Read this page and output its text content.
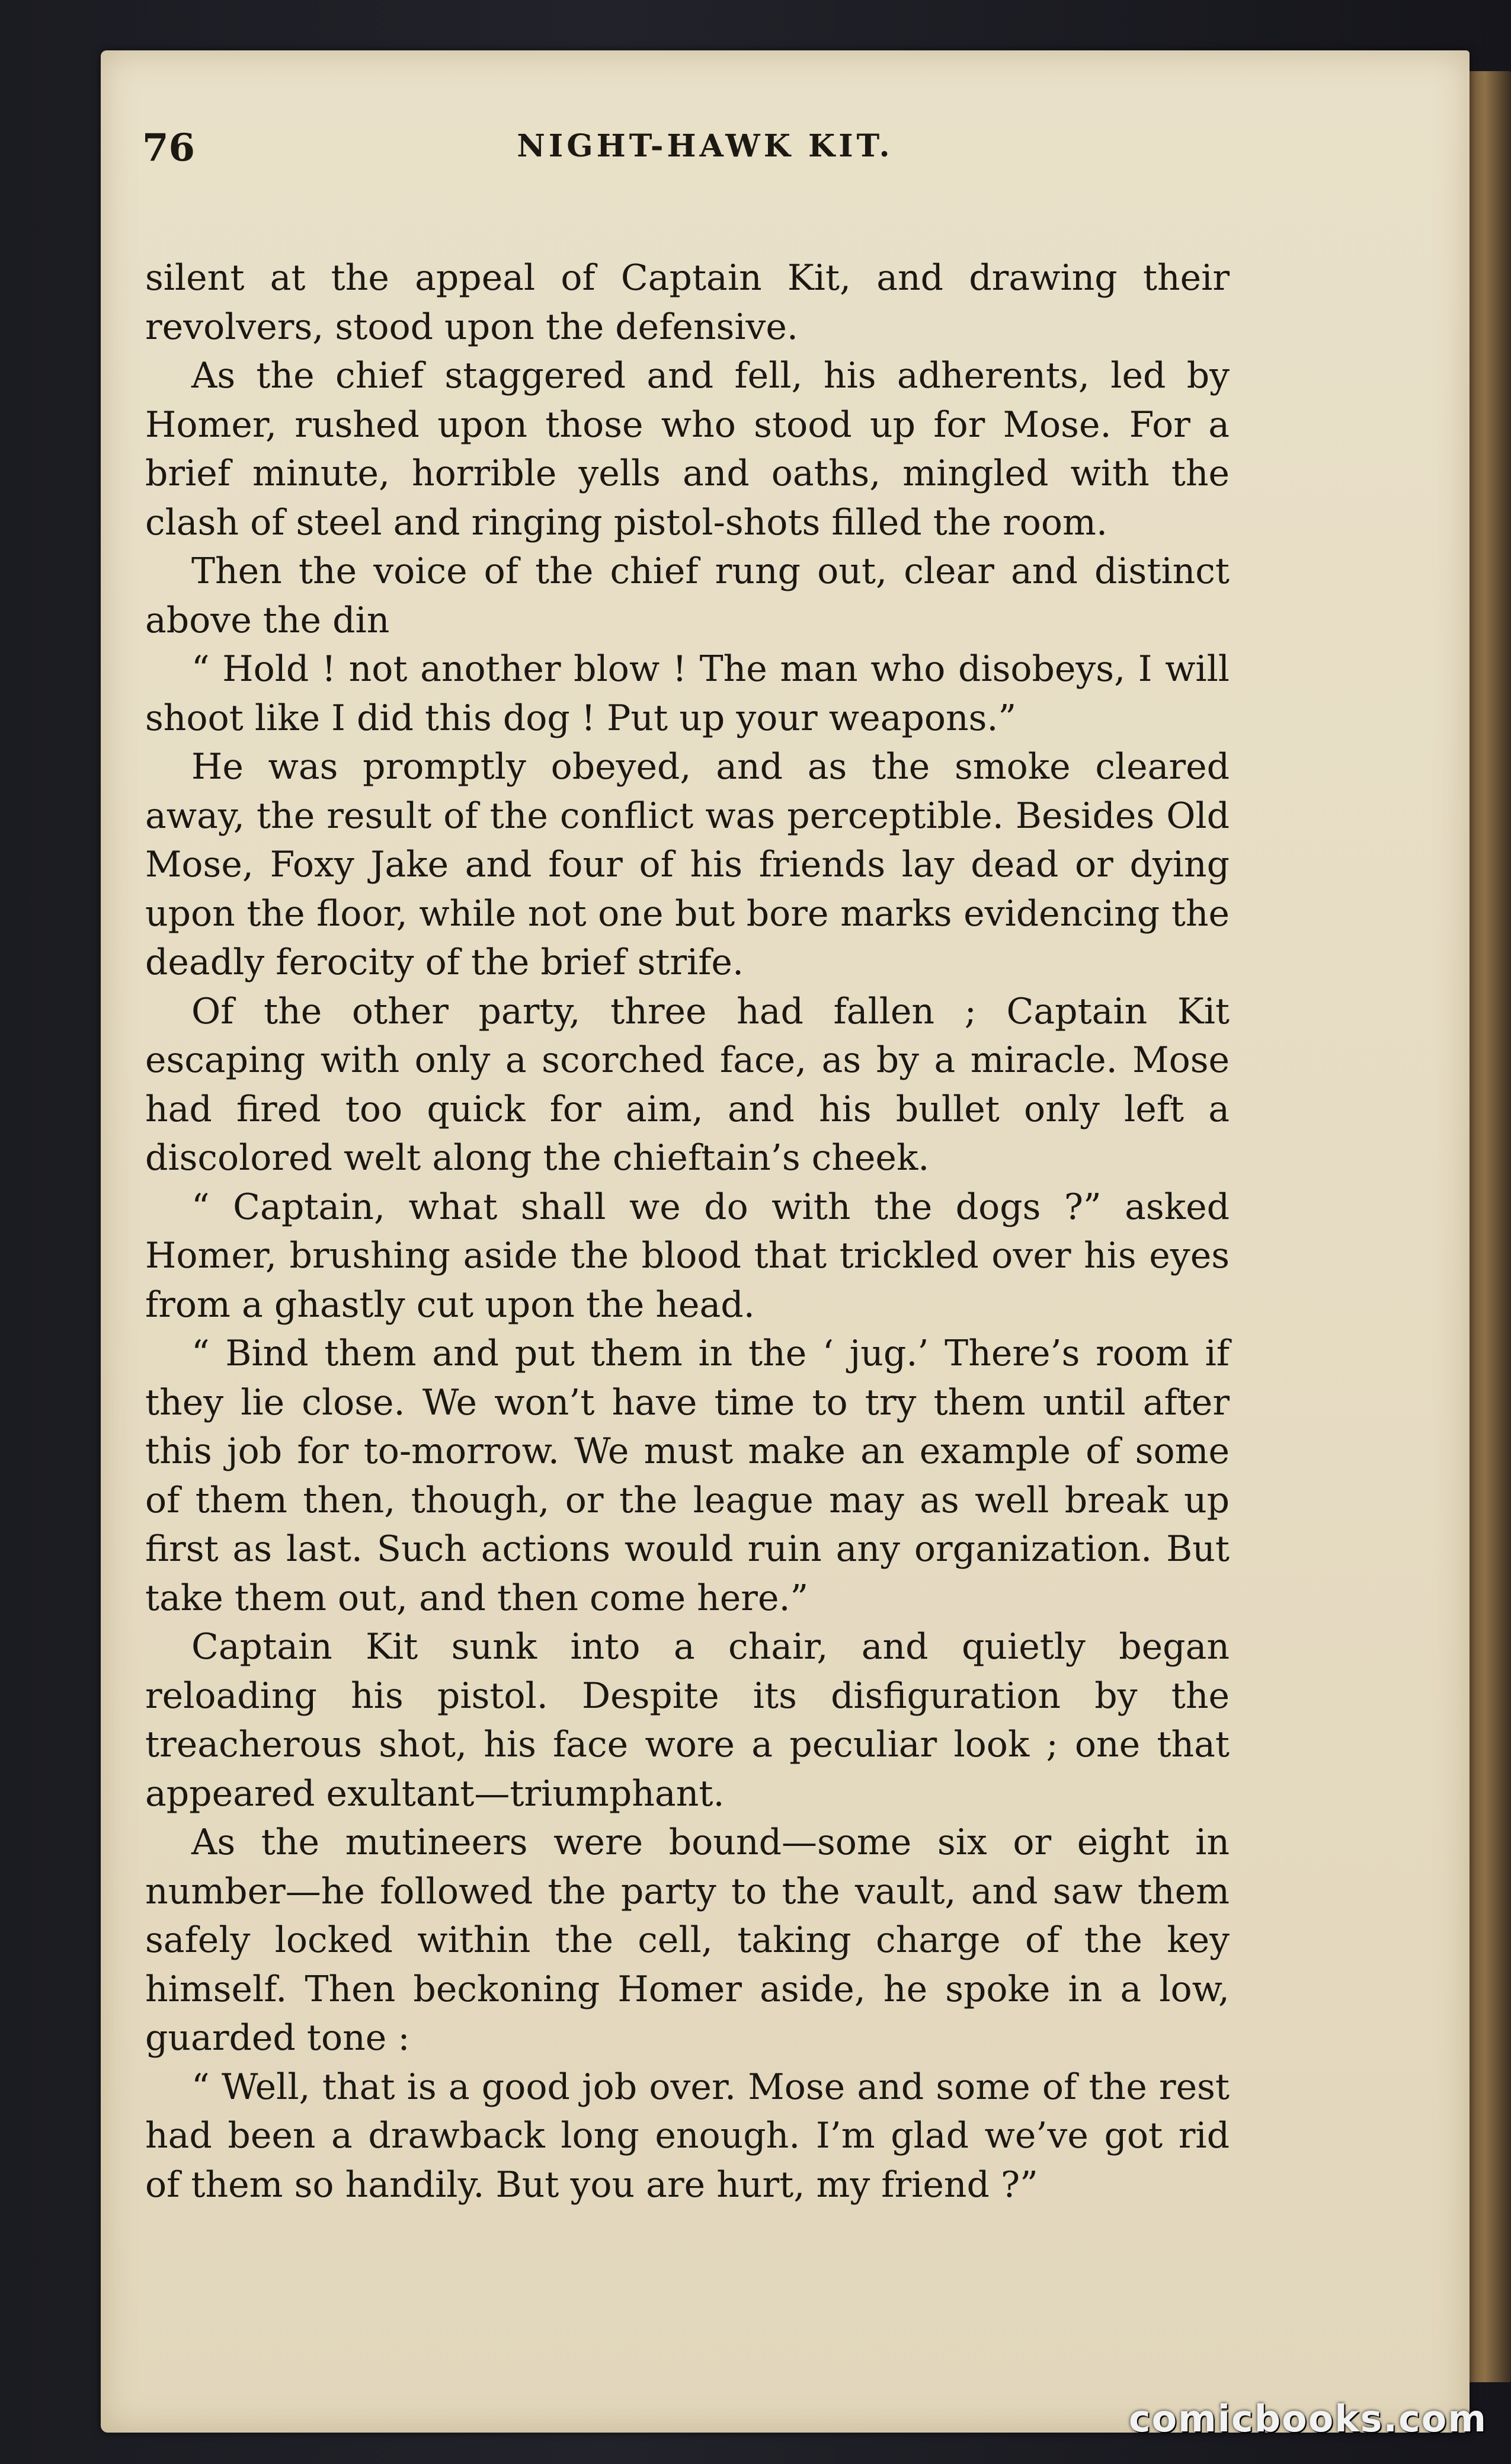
76	NIGHT-HAWK KIT.

silent at the appeal of Captain Kit, and drawing their revolvers, stood upon the defensive.

As the chief staggered and fell, his adherents, led by Homer, rushed upon those who stood up for Mose. For a brief minute, horrible yells and oaths, mingled with the clash of steel and ringing pistol-shots filled the room.

Then the voice of the chief rung out, clear and distinct above the din

“ Hold ! not another blow ! The man who disobeys, I will shoot like I did this dog ! Put up your weapons.”

He was promptly obeyed, and as the smoke cleared away, the result of the conflict was perceptible. Besides Old Mose, Foxy Jake and four of his friends lay dead or dying upon the floor, while not one but bore marks evidencing the deadly ferocity of the brief strife.

Of the other party, three had fallen ; Captain Kit escaping with only a scorched face, as by a miracle. Mose had fired too quick for aim, and his bullet only left a discolored welt along the chieftain’s cheek.

“ Captain, what shall we do with the dogs ?” asked Homer, brushing aside the blood that trickled over his eyes from a ghastly cut upon the head.

“ Bind them and put them in the ‘ jug.’ There’s room if they lie close. We won’t have time to try them until after this job for to-morrow. We must make an example of some of them then, though, or the league may as well break up first as last. Such actions would ruin any organization. But take them out, and then come here.”

Captain Kit sunk into a chair, and quietly began reloading his pistol. Despite its disfiguration by the treacherous shot, his face wore a peculiar look ; one that appeared exultant—triumphant.

As the mutineers were bound—some six or eight in number—he followed the party to the vault, and saw them safely locked within the cell, taking charge of the key himself. Then beckoning Homer aside, he spoke in a low, guarded tone :

“ Well, that is a good job over. Mose and some of the rest had been a drawback long enough. I’m glad we’ve got rid of them so handily. But you are hurt, my friend ?”

comicbooks.com
